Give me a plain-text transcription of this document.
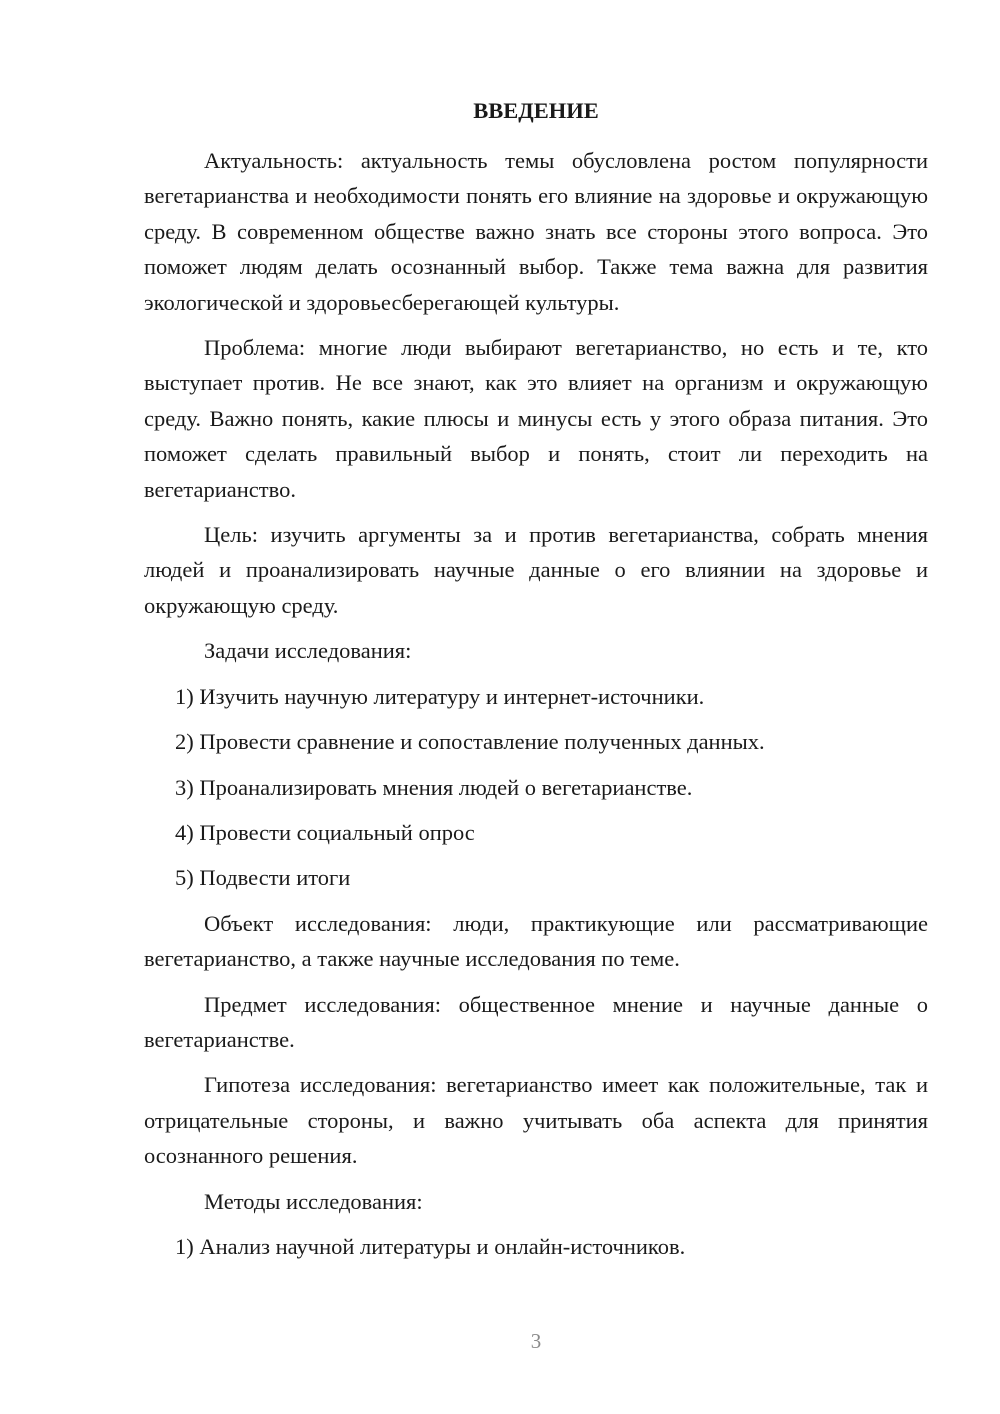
ВВЕДЕНИЕ

Актуальность: актуальность темы обусловлена ростом популярности вегетарианства и необходимости понять его влияние на здоровье и окружающую среду. В современном обществе важно знать все стороны этого вопроса. Это поможет людям делать осознанный выбор. Также тема важна для развития экологической и здоровьесберегающей культуры.

Проблема: многие люди выбирают вегетарианство, но есть и те, кто выступает против. Не все знают, как это влияет на организм и окружающую среду. Важно понять, какие плюсы и минусы есть у этого образа питания. Это поможет сделать правильный выбор и понять, стоит ли переходить на вегетарианство.

Цель: изучить аргументы за и против вегетарианства, собрать мнения людей и проанализировать научные данные о его влиянии на здоровье и окружающую среду.

Задачи исследования:

1) Изучить научную литературу и интернет-источники.

2) Провести сравнение и сопоставление полученных данных.

3) Проанализировать мнения людей о вегетарианстве.

4) Провести социальный опрос

5) Подвести итоги

Объект исследования: люди, практикующие или рассматривающие вегетарианство, а также научные исследования по теме.

Предмет исследования: общественное мнение и научные данные о вегетарианстве.

Гипотеза исследования: вегетарианство имеет как положительные, так и отрицательные стороны, и важно учитывать оба аспекта для принятия осознанного решения.

Методы исследования:

1) Анализ научной литературы и онлайн-источников.

3
